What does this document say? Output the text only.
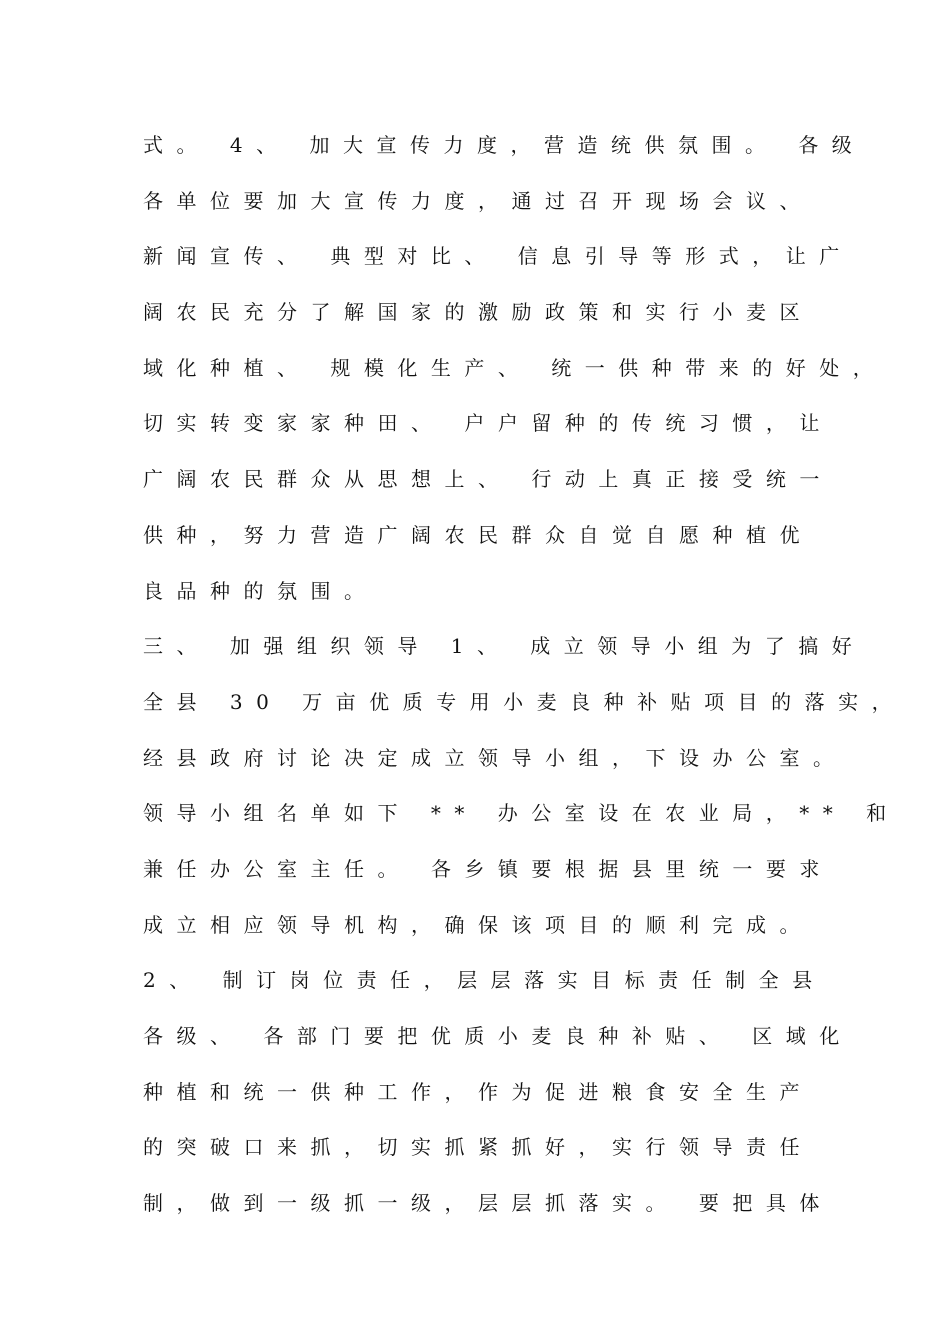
式。 4、 加大宣传力度，营造统供氛围。 各级
各单位要加大宣传力度，通过召开现场会议、
新闻宣传、 典型对比、 信息引导等形式，让广
阔农民充分了解国家的激励政策和实行小麦区
域化种植、 规模化生产、 统一供种带来的好处，
切实转变家家种田、 户户留种的传统习惯，让
广阔农民群众从思想上、 行动上真正接受统一
供种，努力营造广阔农民群众自觉自愿种植优
良品种的氛围。
三、 加强组织领导 1、 成立领导小组为了搞好
全县 30 万亩优质专用小麦良种补贴项目的落实，
经县政府讨论决定成立领导小组，下设办公室。
领导小组名单如下 ** 办公室设在农业局，** 和
兼任办公室主任。 各乡镇要根据县里统一要求
成立相应领导机构，确保该项目的顺利完成。
2、 制订岗位责任，层层落实目标责任制全县
各级、 各部门要把优质小麦良种补贴、 区域化
种植和统一供种工作，作为促进粮食安全生产
的突破口来抓，切实抓紧抓好，实行领导责任
制，做到一级抓一级，层层抓落实。 要把具体
